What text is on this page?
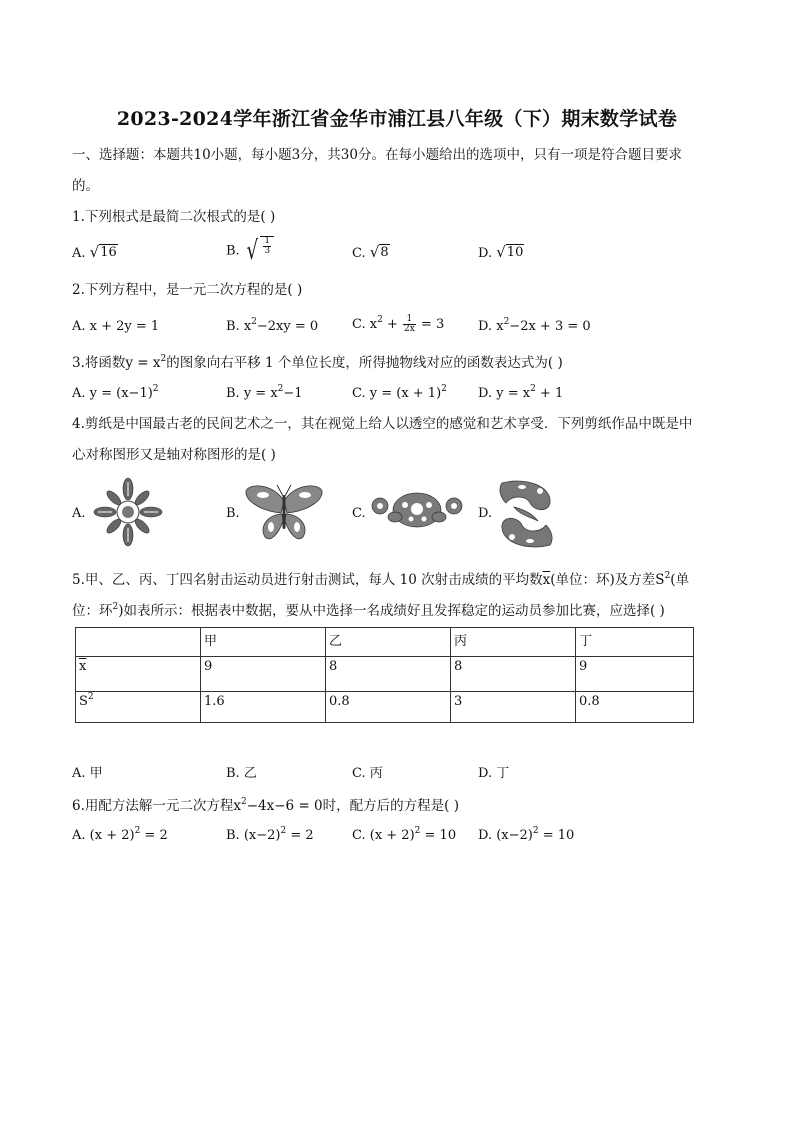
2023-2024学年浙江省金华市浦江县八年级（下）期末数学试卷
一、选择题：本题共10小题，每小题3分，共30分。在每小题给出的选项中，只有一项是符合题目要求
的。
1.下列根式是最简二次根式的是( )
A. √ 16	B. √ $\frac{1}{3}$	C. √ 8	D. √ 10
2.下列方程中，是一元二次方程的是( )
A. x + 2y = 1	B. $x^2-2xy = 0$	C. $x^2 + \frac{1}{2x} = 3$	D. $x^2-2x + 3 = 0$
3.将函数$y = x^2$的图象向右平移 1 个单位长度，所得抛物线对应的函数表达式为( )
A. $y = (x-1)^2$	B. $y = x^2-1$	C. $y = (x + 1)^2$ D. $y = x^2 + 1$
4.剪纸是中国最古老的民间艺术之一，其在视觉上给人以透空的感觉和艺术享受．下列剪纸作品中既是中
心对称图形又是轴对称图形的是( )
A.	B.	C.	D.
5.甲、乙、丙、丁四名射击运动员进行射击测试，每人 10 次射击成绩的平均数$\overline{x}$(单位：环)及方差$S^2$(单
位：环$^2$)如表所示：根据表中数据，要从中选择一名成绩好且发挥稳定的运动员参加比赛，应选择( )
	甲	乙	丙	丁
$\overline{x}$	9	8	8	9
$S^2$	1.6	0.8	3	0.8
A. 甲	B. 乙	C. 丙	D. 丁
6.用配方法解一元二次方程$x^2-4x-6 = 0$时，配方后的方程是( )
A. $(x + 2)^2 = 2$	B. $(x-2)^2 = 2$	C. $(x + 2)^2 = 10$ D. $(x-2)^2 = 10$
